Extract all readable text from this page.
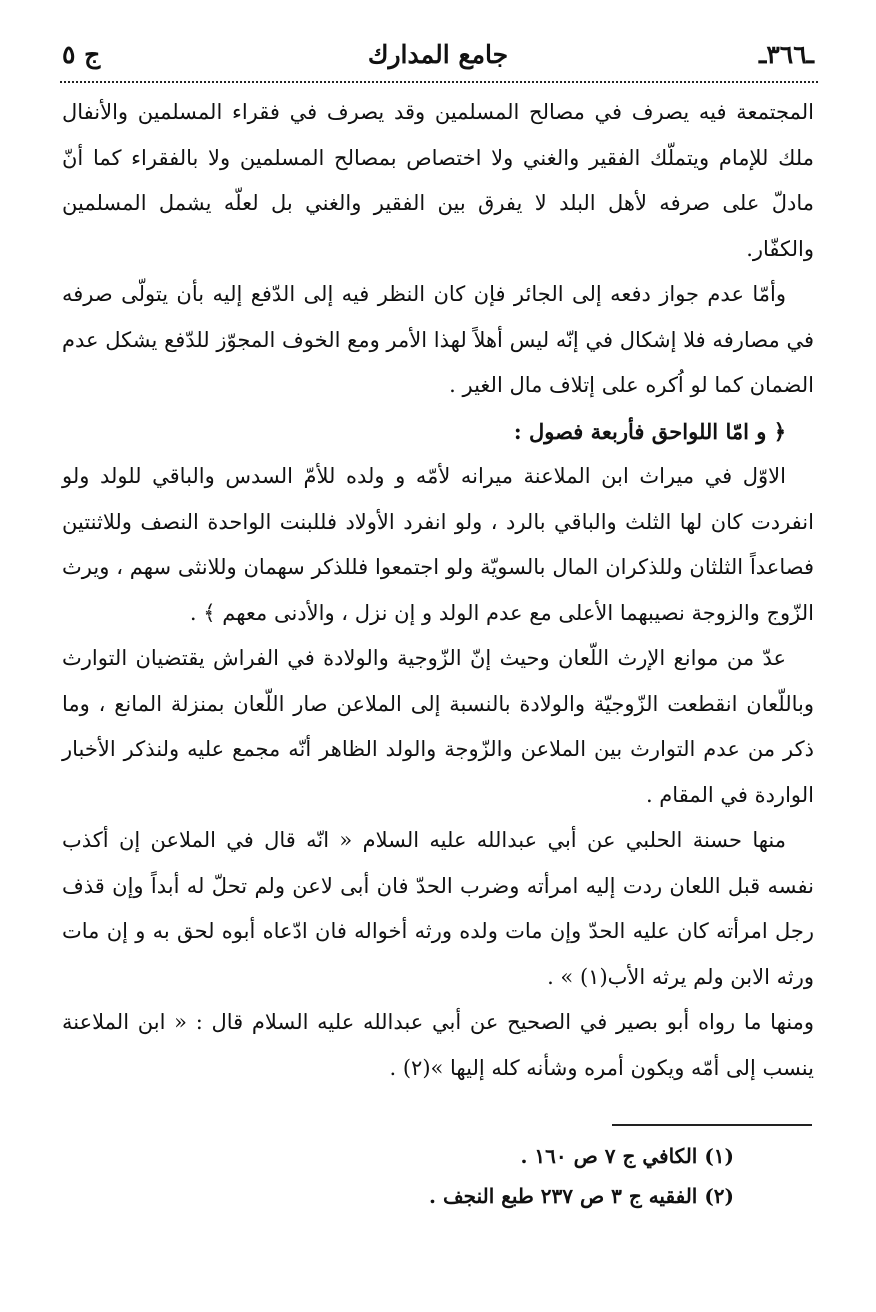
ـ٣٦٦ـ
جامع المدارك
ج ٥

المجتمعة فيه يصرف في مصالح المسلمين وقد يصرف في فقراء المسلمين والأنفال ملك للإمام ويتملّك الفقير والغني ولا اختصاص بمصالح المسلمين ولا بالفقراء كما أنّ مادلّ على صرفه لأهل البلد لا يفرق بين الفقير والغني بل لعلّه يشمل المسلمين والكفّار.

وأمّا عدم جواز دفعه إلى الجائر فإن كان النظر فيه إلى الدّفع إليه بأن يتولّى صرفه في مصارفه فلا إشكال في إنّه ليس أهلاً لهذا الأمر ومع الخوف المجوّز للدّفع يشكل عدم الضمان كما لو اُكره على إتلاف مال الغير .

﴿ و امّا اللواحق فأربعة فصول :

الاوّل في ميراث ابن الملاعنة ميرانه لأمّه و ولده للأمّ السدس والباقي للولد ولو انفردت كان لها الثلث والباقي بالرد ، ولو انفرد الأولاد فللبنت الواحدة النصف وللاثنتين فصاعداً الثلثان وللذكران المال بالسويّة ولو اجتمعوا فللذكر سهمان وللانثى سهم ، ويرث الزّوج والزوجة نصيبهما الأعلى مع عدم الولد و إن نزل ، والأدنى معهم ﴾ .

عدّ من موانع الإرث اللّعان وحيث إنّ الزّوجية والولادة في الفراش يقتضيان التوارث وباللّعان انقطعت الزّوجيّة والولادة بالنسبة إلى الملاعن صار اللّعان بمنزلة المانع ، وما ذكر من عدم التوارث بين الملاعن والزّوجة والولد الظاهر أنّه مجمع عليه ولنذكر الأخبار الواردة في المقام .

منها حسنة الحلبي عن أبي عبدالله عليه السلام « انّه قال في الملاعن إن أكذب نفسه قبل اللعان ردت إليه امرأته وضرب الحدّ فان أبى لاعن ولم تحلّ له أبداً وإن قذف رجل امرأته كان عليه الحدّ وإن مات ولده ورثه أخواله فان ادّعاه أبوه لحق به و إن مات ورثه الابن ولم يرثه الأب(١) » .

ومنها ما رواه أبو بصير في الصحيح عن أبي عبدالله عليه السلام قال : « ابن الملاعنة ينسب إلى أمّه ويكون أمره وشأنه كله إليها »(٢) .

(١) الكافي ج ٧ ص ١٦٠ .

(٢) الفقيه ج ٣ ص ٢٣٧ طبع النجف .
